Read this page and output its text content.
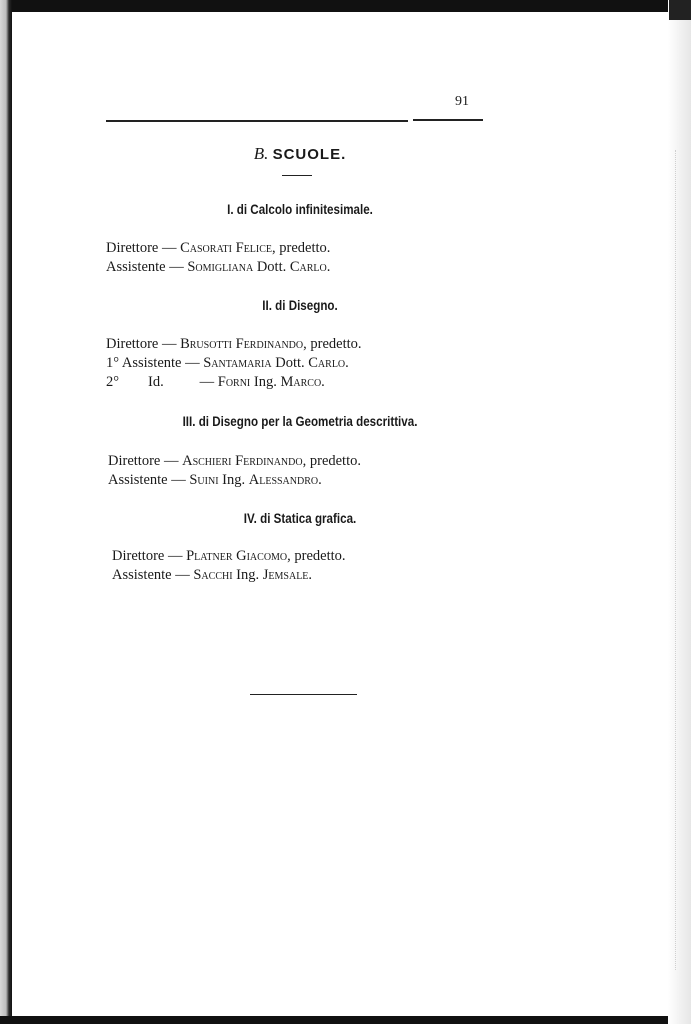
91
B. SCUOLE.
I. di Calcolo infinitesimale.
Direttore — Casorati Felice, predetto.
Assistente — Somigliana Dott. Carlo.
II. di Disegno.
Direttore — Brusotti Ferdinando, predetto.
1° Assistente — Santamaria Dott. Carlo.
2° Id. — Forni Ing. Marco.
III. di Disegno per la Geometria descrittiva.
Direttore — Aschieri Ferdinando, predetto.
Assistente — Suini Ing. Alessandro.
IV. di Statica grafica.
Direttore — Platner Giacomo, predetto.
Assistente — Sacchi Ing. Jemsale.
